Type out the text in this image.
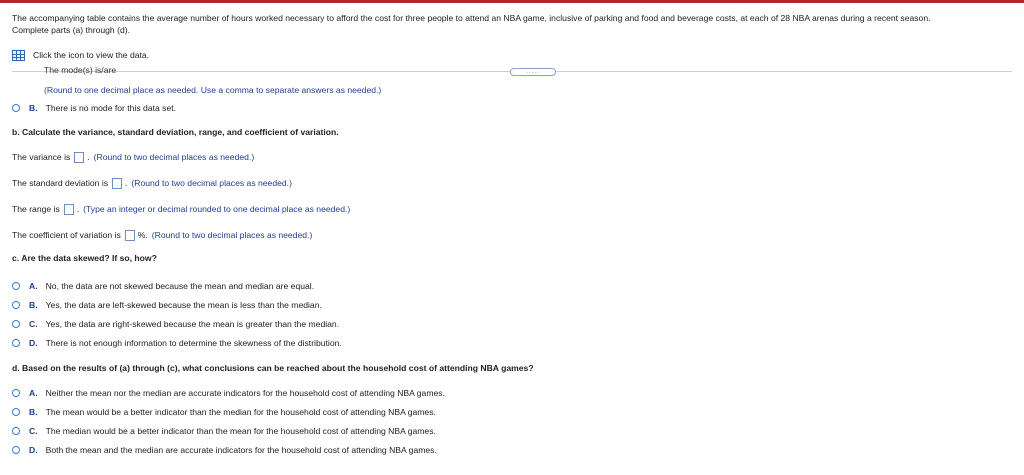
The accompanying table contains the average number of hours worked necessary to afford the cost for three people to attend an NBA game, inclusive of parking and food and beverage costs, at each of 28 NBA arenas during a recent season.
Complete parts (a) through (d).
Click the icon to view the data.
.....
The mode(s) is/are
(Round to one decimal place as needed. Use a comma to separate answers as needed.)
B. There is no mode for this data set.
b. Calculate the variance, standard deviation, range, and coefficient of variation.
The variance is . (Round to two decimal places as needed.)
The standard deviation is . (Round to two decimal places as needed.)
The range is . (Type an integer or decimal rounded to one decimal place as needed.)
The coefficient of variation is %. (Round to two decimal places as needed.)
c. Are the data skewed? If so, how?
A. No, the data are not skewed because the mean and median are equal.
B. Yes, the data are left-skewed because the mean is less than the median.
C. Yes, the data are right-skewed because the mean is greater than the median.
D. There is not enough information to determine the skewness of the distribution.
d. Based on the results of (a) through (c), what conclusions can be reached about the household cost of attending NBA games?
A. Neither the mean nor the median are accurate indicators for the household cost of attending NBA games.
B. The mean would be a better indicator than the median for the household cost of attending NBA games.
C. The median would be a better indicator than the mean for the household cost of attending NBA games.
D. Both the mean and the median are accurate indicators for the household cost of attending NBA games.
